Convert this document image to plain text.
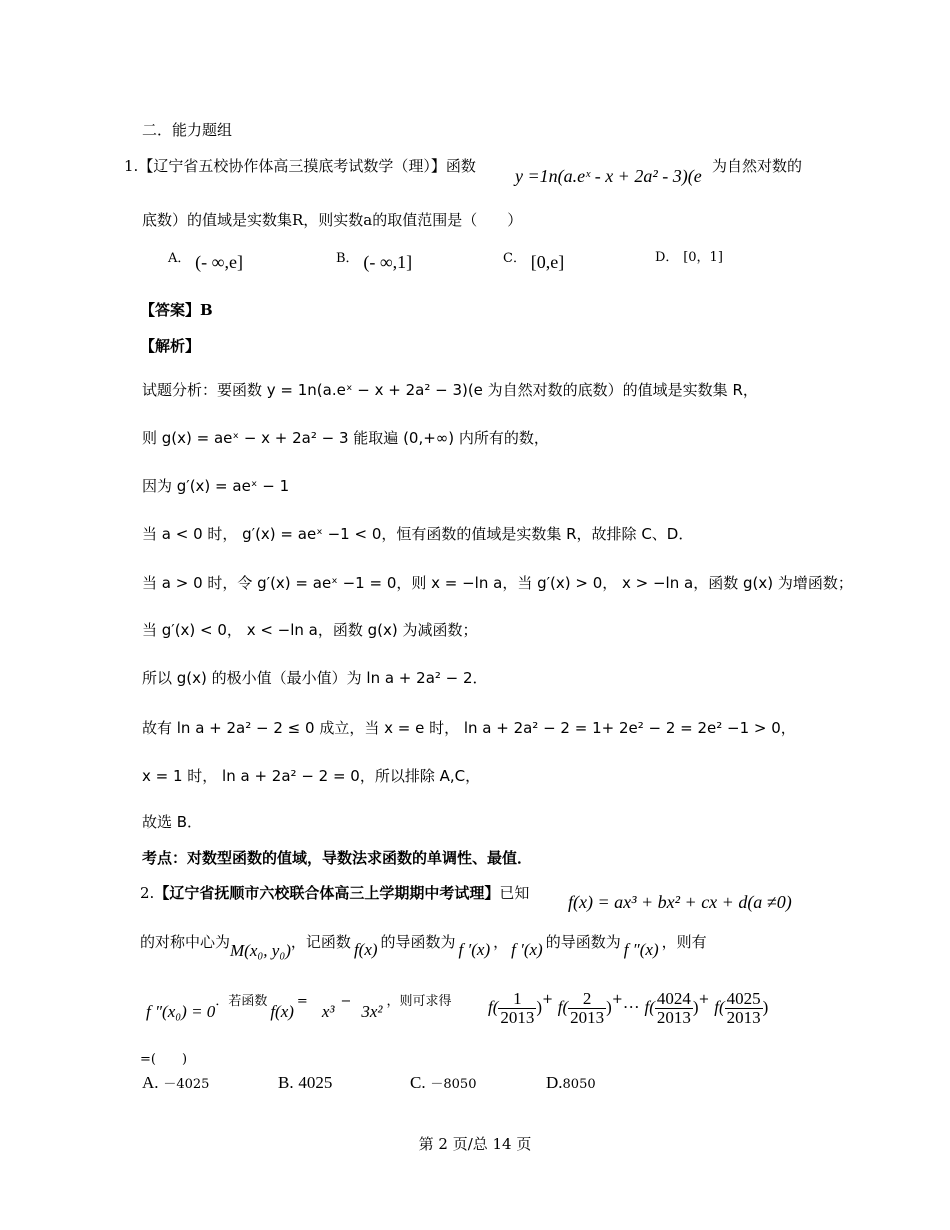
二．能力题组
1.【辽宁省五校协作体高三摸底考试数学（理）】函数 y =1n(a.eˣ - x + 2a² - 3)(e 为自然对数的
底数）的值域是实数集R，则实数a的取值范围是（　　）
A． (- ∞,e]	B． (- ∞,1]	C． [0,e]	D． [0，1]
【答案】B
【解析】
试题分析：要函数 y = 1n(a.eˣ − x + 2a² − 3)(e 为自然对数的底数）的值域是实数集 R，
则 g(x) = aeˣ − x + 2a² − 3 能取遍 (0,+∞) 内所有的数，
因为 g′(x) = aeˣ − 1
当 a < 0 时， g′(x) = aeˣ −1 < 0，恒有函数的值域是实数集 R，故排除 C、D．
当 a > 0 时，令 g′(x) = aeˣ −1 = 0，则 x = −ln a，当 g′(x) > 0， x > −ln a，函数 g(x) 为增函数；
当 g′(x) < 0， x < −ln a，函数 g(x) 为减函数；
所以 g(x) 的极小值（最小值）为 ln a + 2a² − 2．
故有 ln a + 2a² − 2 ≤ 0 成立，当 x = e 时， ln a + 2a² − 2 = 1+ 2e² − 2 = 2e² −1 > 0，
x = 1 时， ln a + 2a² − 2 = 0，所以排除 A,C，
故选 B．
考点：对数型函数的值域，导数法求函数的单调性、最值．
2.【辽宁省抚顺市六校联合体高三上学期期中考试理】已知 f(x) = ax³ + bx² + cx + d(a ≠0)
的对称中心为M(x₀, y₀)，记函数 f(x) 的导函数为 f ′(x) ， f ′(x) 的导函数为 f ″(x) ，则有
f ″(x₀) = 0．若函数f(x)=x³−3x²，则可求得 $f( \frac{1}{2013}$ )+ $f( \frac{2}{2013}$ )+··· $f( \frac{4024}{2013}$ )+ $f( \frac{4025}{2013}$ )
=(　　)
A. －4025	B. 4025	C. －8050	D.8050
第 2 页/总 14 页
